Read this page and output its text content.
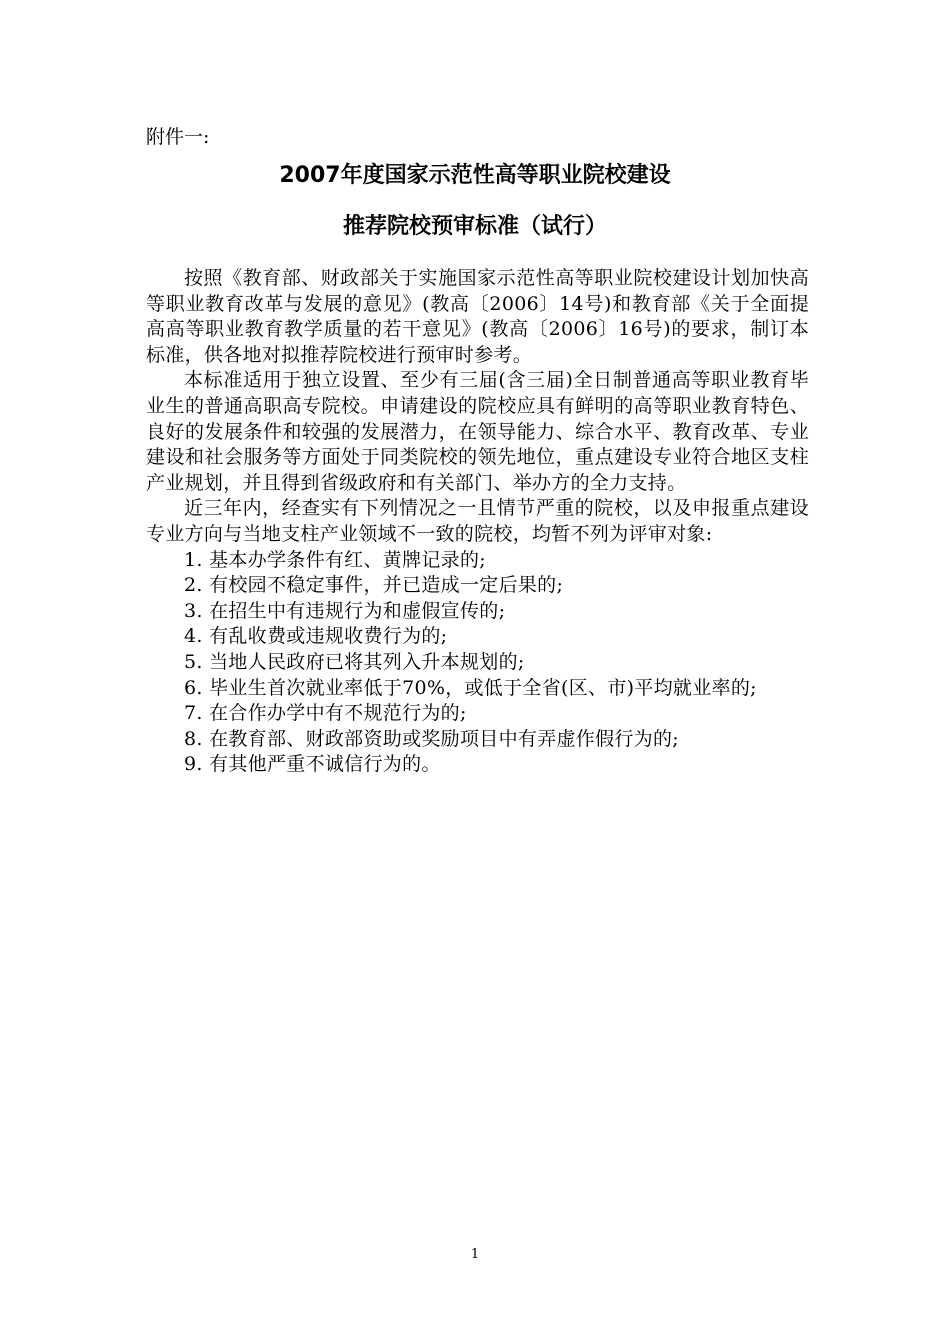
附件一:
2007年度国家示范性高等职业院校建设
推荐院校预审标准（试行）

按照《教育部、财政部关于实施国家示范性高等职业院校建设计划加快高等职业教育改革与发展的意见》(教高〔2006〕14号)和教育部《关于全面提高高等职业教育教学质量的若干意见》(教高〔2006〕16号)的要求，制订本标准，供各地对拟推荐院校进行预审时参考。

本标准适用于独立设置、至少有三届(含三届)全日制普通高等职业教育毕业生的普通高职高专院校。申请建设的院校应具有鲜明的高等职业教育特色、良好的发展条件和较强的发展潜力，在领导能力、综合水平、教育改革、专业建设和社会服务等方面处于同类院校的领先地位，重点建设专业符合地区支柱产业规划，并且得到省级政府和有关部门、举办方的全力支持。

近三年内，经查实有下列情况之一且情节严重的院校，以及申报重点建设专业方向与当地支柱产业领域不一致的院校，均暂不列为评审对象:

1. 基本办学条件有红、黄牌记录的;
2. 有校园不稳定事件，并已造成一定后果的;
3. 在招生中有违规行为和虚假宣传的;
4. 有乱收费或违规收费行为的;
5. 当地人民政府已将其列入升本规划的;
6. 毕业生首次就业率低于70%，或低于全省(区、市)平均就业率的;
7. 在合作办学中有不规范行为的;
8. 在教育部、财政部资助或奖励项目中有弄虚作假行为的;
9. 有其他严重不诚信行为的。
1
